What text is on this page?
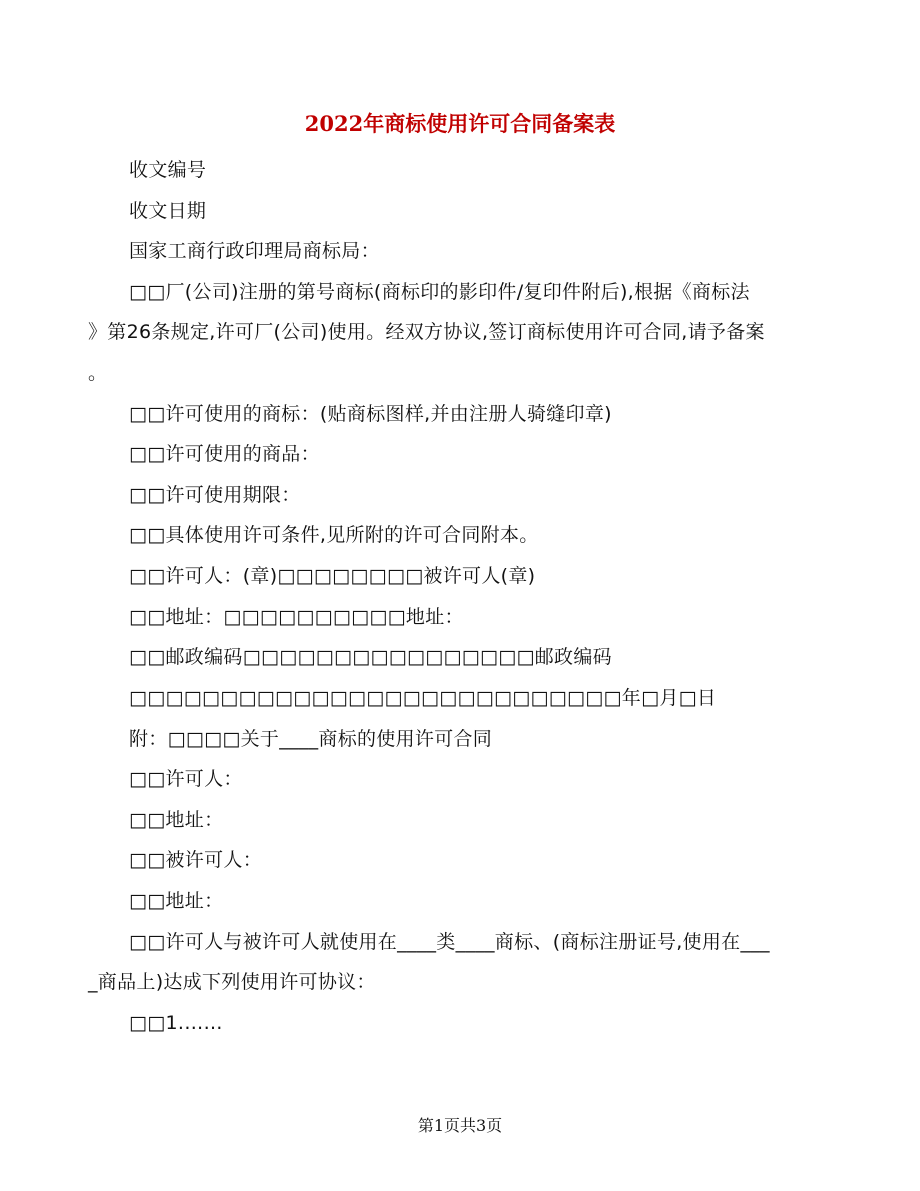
2022年商标使用许可合同备案表
收文编号
收文日期
国家工商行政印理局商标局：
□□厂(公司)注册的第号商标(商标印的影印件/复印件附后),根据《商标法
》第26条规定,许可厂(公司)使用。经双方协议,签订商标使用许可合同,请予备案
。
□□许可使用的商标：(贴商标图样,并由注册人骑缝印章)
□□许可使用的商品：
□□许可使用期限：
□□具体使用许可条件,见所附的许可合同附本。
□□许可人：(章)□□□□□□□□被许可人(章)
□□地址：□□□□□□□□□□地址：
□□邮政编码□□□□□□□□□□□□□□□□邮政编码
□□□□□□□□□□□□□□□□□□□□□□□□□□□年□月□日
附：□□□□关于____商标的使用许可合同
□□许可人：
□□地址：
□□被许可人：
□□地址：
□□许可人与被许可人就使用在____类____商标、(商标注册证号,使用在___
_商品上)达成下列使用许可协议：
□□1.……
第1页共3页
